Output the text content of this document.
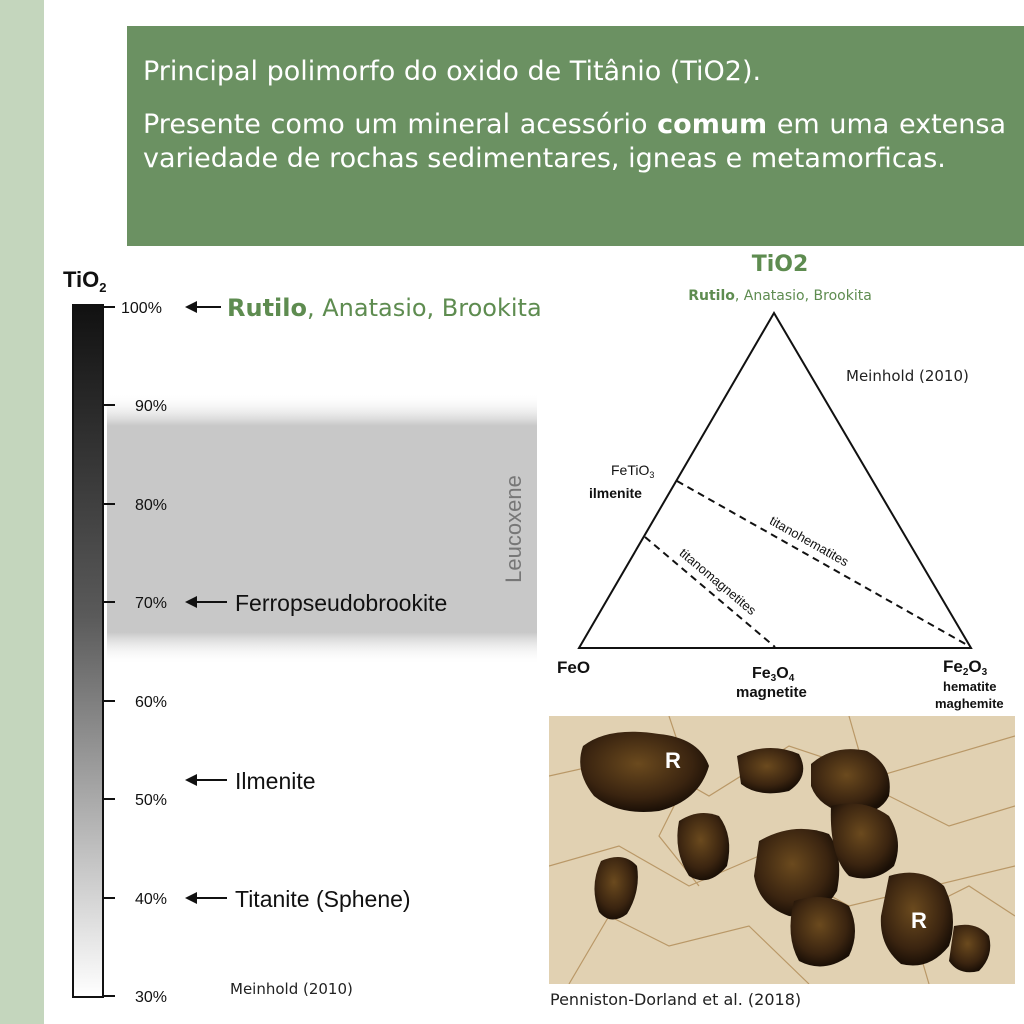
Principal polimorfo do oxido de Titânio (TiO2).

Presente como um mineral acessório comum em uma extensa variedade de rochas sedimentares, igneas e metamorficas.

Leucoxene
TiO$_2$
100%
90%
80%
70%
60%
50%
40%
30%
Rutilo, Anatasio, Brookita
Ferropseudobrookite
Ilmenite
Titanite (Sphene)
Meinhold (2010)
TiO2
Rutilo, Anatasio, Brookita
Meinhold (2010)
titanohematites
titanomagnetites
FeTiO$_3$
ilmenite
FeO	Fe3O4
magnetite
Fe2O3
hematite
maghemite
R
R
Penniston-Dorland et al. (2018)
